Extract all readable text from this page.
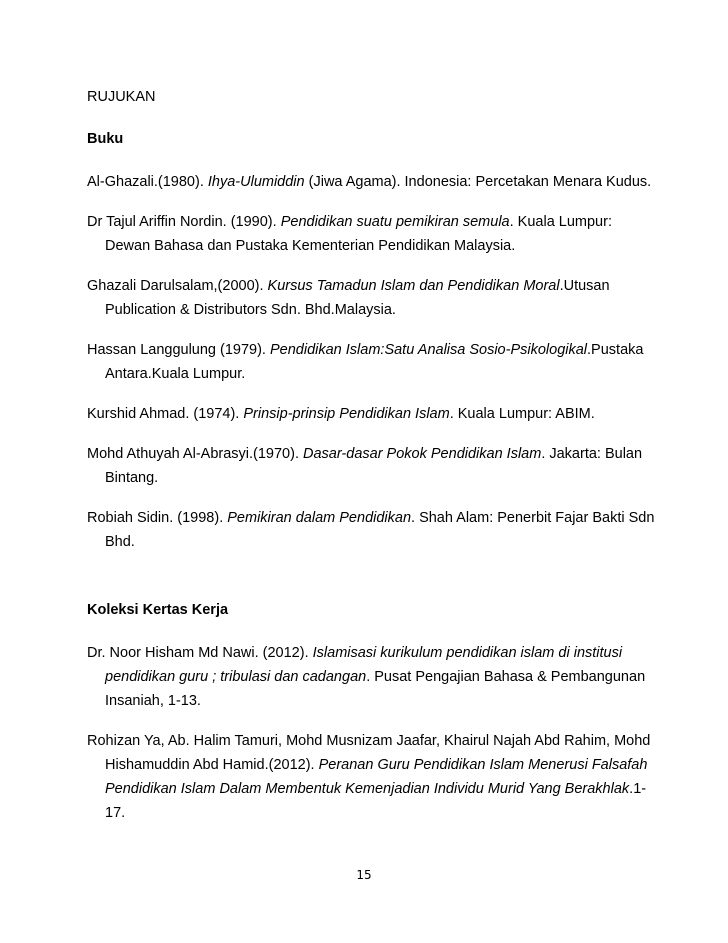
RUJUKAN
Buku

Al-Ghazali.(1980). Ihya-Ulumiddin (Jiwa Agama). Indonesia: Percetakan Menara Kudus.

Dr Tajul Ariffin Nordin. (1990). Pendidikan suatu pemikiran semula. Kuala Lumpur: Dewan Bahasa dan Pustaka Kementerian Pendidikan Malaysia.

Ghazali Darulsalam,(2000). Kursus Tamadun Islam dan Pendidikan Moral.Utusan Publication & Distributors Sdn. Bhd.Malaysia.

Hassan Langgulung (1979). Pendidikan Islam:Satu Analisa Sosio-Psikologikal.Pustaka Antara.Kuala Lumpur.

Kurshid Ahmad. (1974). Prinsip-prinsip Pendidikan Islam. Kuala Lumpur: ABIM.

Mohd Athuyah Al-Abrasyi.(1970). Dasar-dasar Pokok Pendidikan Islam. Jakarta: Bulan Bintang.

Robiah Sidin. (1998). Pemikiran dalam Pendidikan. Shah Alam: Penerbit Fajar Bakti Sdn Bhd.

Koleksi Kertas Kerja

Dr. Noor Hisham Md Nawi. (2012). Islamisasi kurikulum pendidikan islam di institusi pendidikan guru ; tribulasi dan cadangan. Pusat Pengajian Bahasa & Pembangunan Insaniah, 1-13.

Rohizan Ya, Ab. Halim Tamuri, Mohd Musnizam Jaafar, Khairul Najah Abd Rahim, Mohd Hishamuddin Abd Hamid.(2012). Peranan Guru Pendidikan Islam Menerusi Falsafah Pendidikan Islam Dalam Membentuk Kemenjadian Individu Murid Yang Berakhlak.1-17.

15
